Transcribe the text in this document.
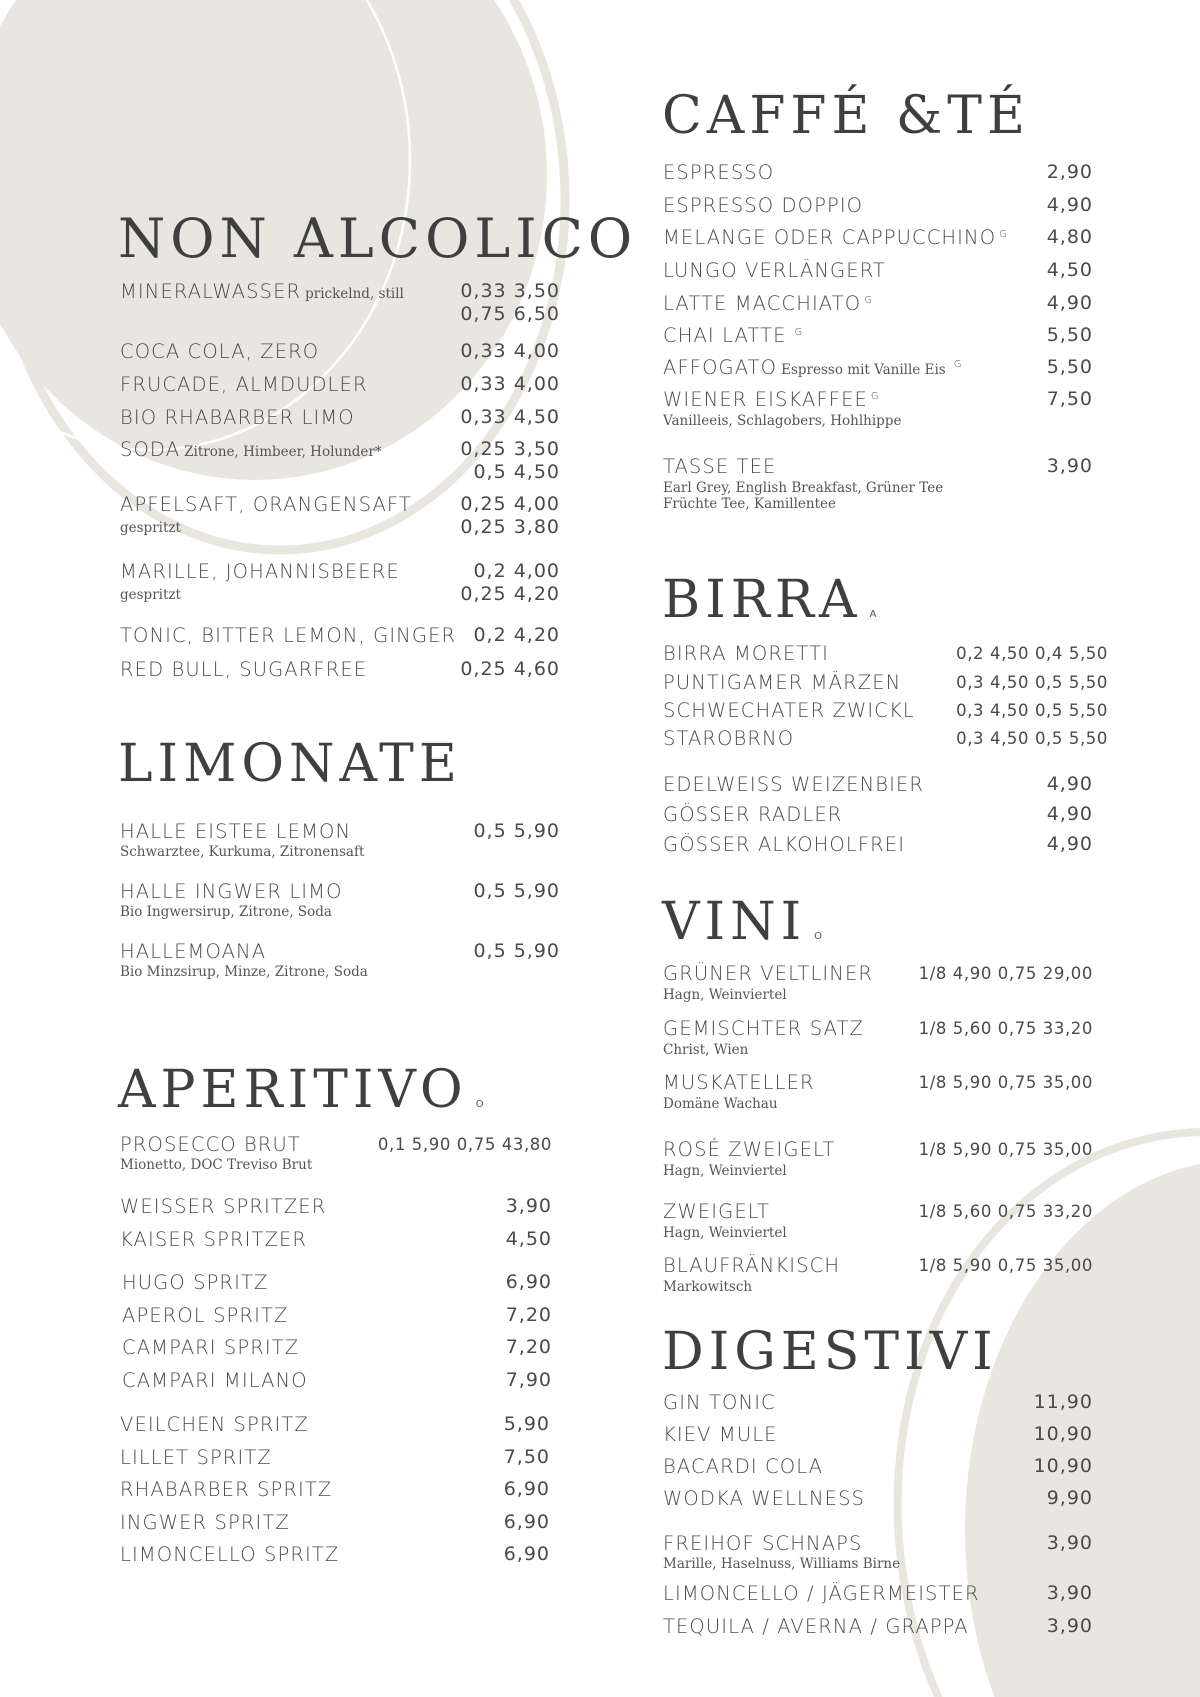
NON ALCOLICO
MINERALWASSER prickelnd, still	0,33 3,50
0,75 6,50
COCA COLA, ZERO	0,33 4,00
FRUCADE, ALMDUDLER	0,33 4,00
BIO RHABARBER LIMO	0,33 4,50
SODA Zitrone, Himbeer, Holunder*	0,25 3,50
0,5 4,50
APFELSAFT, ORANGENSAFT
gespritzt
0,25 4,00
0,25 3,80
MARILLE, JOHANNISBEERE
gespritzt
0,2 4,00
0,25 4,20
TONIC, BITTER LEMON, GINGER 0,2 4,20
RED BULL, SUGARFREE	0,25 4,60
LIMONATE
HALLE EISTEE LEMON
Schwarztee, Kurkuma, Zitronensaft
0,5 5,90
HALLE INGWER LIMO
Bio Ingwersirup, Zitrone, Soda
0,5 5,90
HALLEMOANA
Bio Minzsirup, Minze, Zitrone, Soda
0,5 5,90
APERITIVO O
PROSECCO BRUT
Mionetto, DOC Treviso Brut
0,1 5,90 0,75 43,80
WEISSER SPRITZER	3,90
KAISER SPRITZER	4,50
HUGO SPRITZ	6,90
APEROL SPRITZ	7,20
CAMPARI SPRITZ	7,20
CAMPARI MILANO	7,90
VEILCHEN SPRITZ	5,90
LILLET SPRITZ	7,50
RHABARBER SPRITZ	6,90
INGWER SPRITZ	6,90
LIMONCELLO SPRITZ	6,90
CAFFÉ &TÉ
ESPRESSO	2,90
ESPRESSO DOPPIO	4,90
MELANGE ODER CAPPUCCHINO $^G$ 4,80
LUNGO VERLÄNGERT	4,50
LATTE MACCHIATO $^G$	4,90
CHAI LATTE $^G$	5,50
AFFOGATO Espresso mit Vanille Eis $^G$	5,50
WIENER EISKAFFEE $^G$
Vanilleeis, Schlagobers, Hohlhippe
7,50
TASSE TEE
Earl Grey, English Breakfast, Grüner Tee
Früchte Tee, Kamillentee
3,90
BIRRA A
BIRRA MORETTI	0,2 4,50 0,4 5,50
PUNTIGAMER MÄRZEN	0,3 4,50 0,5 5,50
SCHWECHATER ZWICKL	0,3 4,50 0,5 5,50
STAROBRNO	0,3 4,50 0,5 5,50
EDELWEISS WEIZENBIER	4,90
GÖSSER RADLER	4,90
GÖSSER ALKOHOLFREI	4,90
VINI O
GRÜNER VELTLINER
Hagn, Weinviertel
1/8 4,90 0,75 29,00
GEMISCHTER SATZ
Christ, Wien
1/8 5,60 0,75 33,20
MUSKATELLER
Domäne Wachau
1/8 5,90 0,75 35,00
ROSÉ ZWEIGELT
Hagn, Weinviertel
1/8 5,90 0,75 35,00
ZWEIGELT
Hagn, Weinviertel
1/8 5,60 0,75 33,20
BLAUFRÄNKISCH
Markowitsch
1/8 5,90 0,75 35,00
DIGESTIVI
GIN TONIC	11,90
KIEV MULE	10,90
BACARDI COLA	10,90
WODKA WELLNESS	9,90
FREIHOF SCHNAPS
Marille, Haselnuss, Williams Birne
3,90
LIMONCELLO / JÄGERMEISTER	3,90
TEQUILA / AVERNA / GRAPPA	3,90
